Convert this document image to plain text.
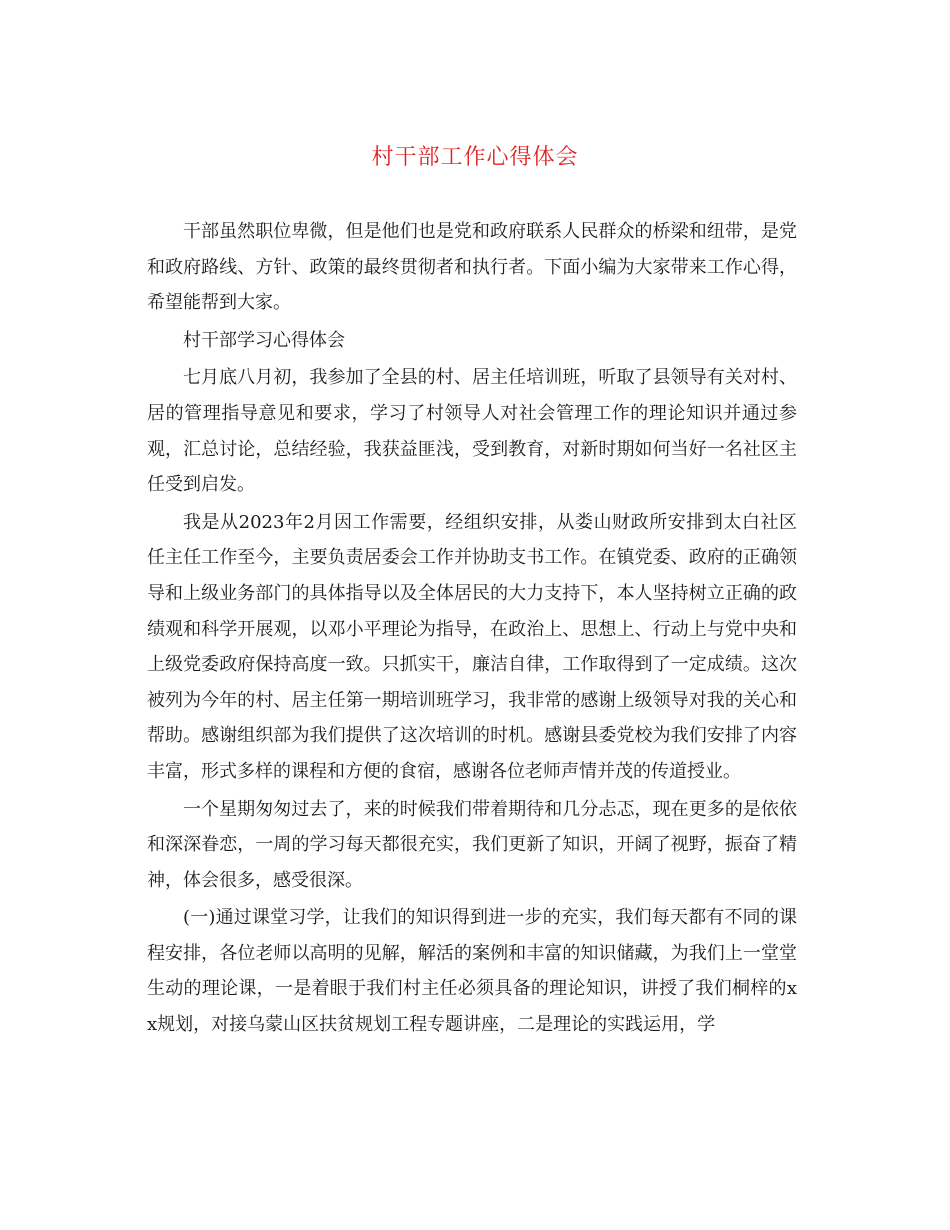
村干部工作心得体会

干部虽然职位卑微，但是他们也是党和政府联系人民群众的桥梁和纽带，是党和政府路线、方针、政策的最终贯彻者和执行者。下面小编为大家带来工作心得，希望能帮到大家。

村干部学习心得体会

七月底八月初，我参加了全县的村、居主任培训班，听取了县领导有关对村、居的管理指导意见和要求，学习了村领导人对社会管理工作的理论知识并通过参观，汇总讨论，总结经验，我获益匪浅，受到教育，对新时期如何当好一名社区主任受到启发。

我是从2023年2月因工作需要，经组织安排，从娄山财政所安排到太白社区任主任工作至今，主要负责居委会工作并协助支书工作。在镇党委、政府的正确领导和上级业务部门的具体指导以及全体居民的大力支持下，本人坚持树立正确的政绩观和科学开展观，以邓小平理论为指导，在政治上、思想上、行动上与党中央和上级党委政府保持高度一致。只抓实干，廉洁自律，工作取得到了一定成绩。这次被列为今年的村、居主任第一期培训班学习，我非常的感谢上级领导对我的关心和帮助。感谢组织部为我们提供了这次培训的时机。感谢县委党校为我们安排了内容丰富，形式多样的课程和方便的食宿，感谢各位老师声情并茂的传道授业。

一个星期匆匆过去了，来的时候我们带着期待和几分忐忑，现在更多的是依依和深深眷恋，一周的学习每天都很充实，我们更新了知识，开阔了视野，振奋了精神，体会很多，感受很深。

(一)通过课堂习学，让我们的知识得到进一步的充实，我们每天都有不同的课程安排，各位老师以高明的见解，解活的案例和丰富的知识储藏，为我们上一堂堂生动的理论课，一是着眼于我们村主任必须具备的理论知识，讲授了我们桐梓的xx规划，对接乌蒙山区扶贫规划工程专题讲座，二是理论的实践运用，学
